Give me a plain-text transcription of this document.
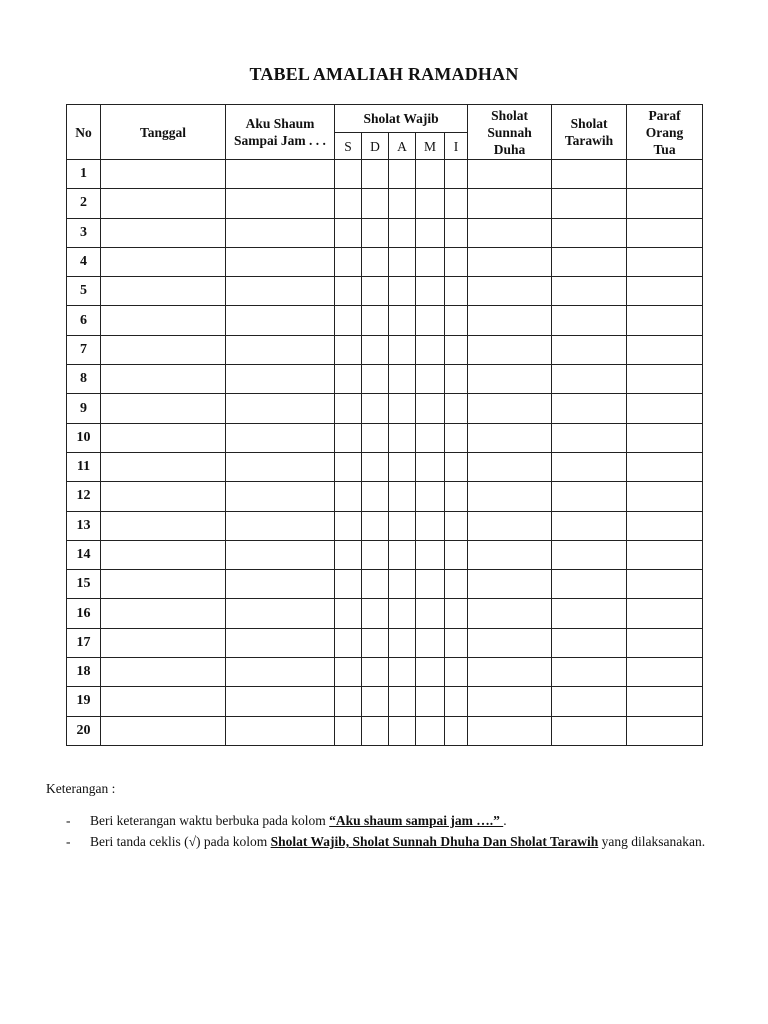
TABEL AMALIAH RAMADHAN
No	Tanggal	Aku Shaum Sampai Jam . . .	Sholat Wajib					Sholat Sunnah Duha	Sholat Tarawih	Paraf Orang Tua
			S	D	A	M	I			
1										
2										
3										
4										
5										
6										
7										
8										
9										
10										
11										
12										
13										
14										
15										
16										
17										
18										
19										
20										
Keterangan :
- Beri keterangan waktu berbuka pada kolom “Aku shaum sampai jam ….” .
- Beri tanda ceklis (√) pada kolom Sholat Wajib, Sholat Sunnah Dhuha Dan Sholat Tarawih yang dilaksanakan.
